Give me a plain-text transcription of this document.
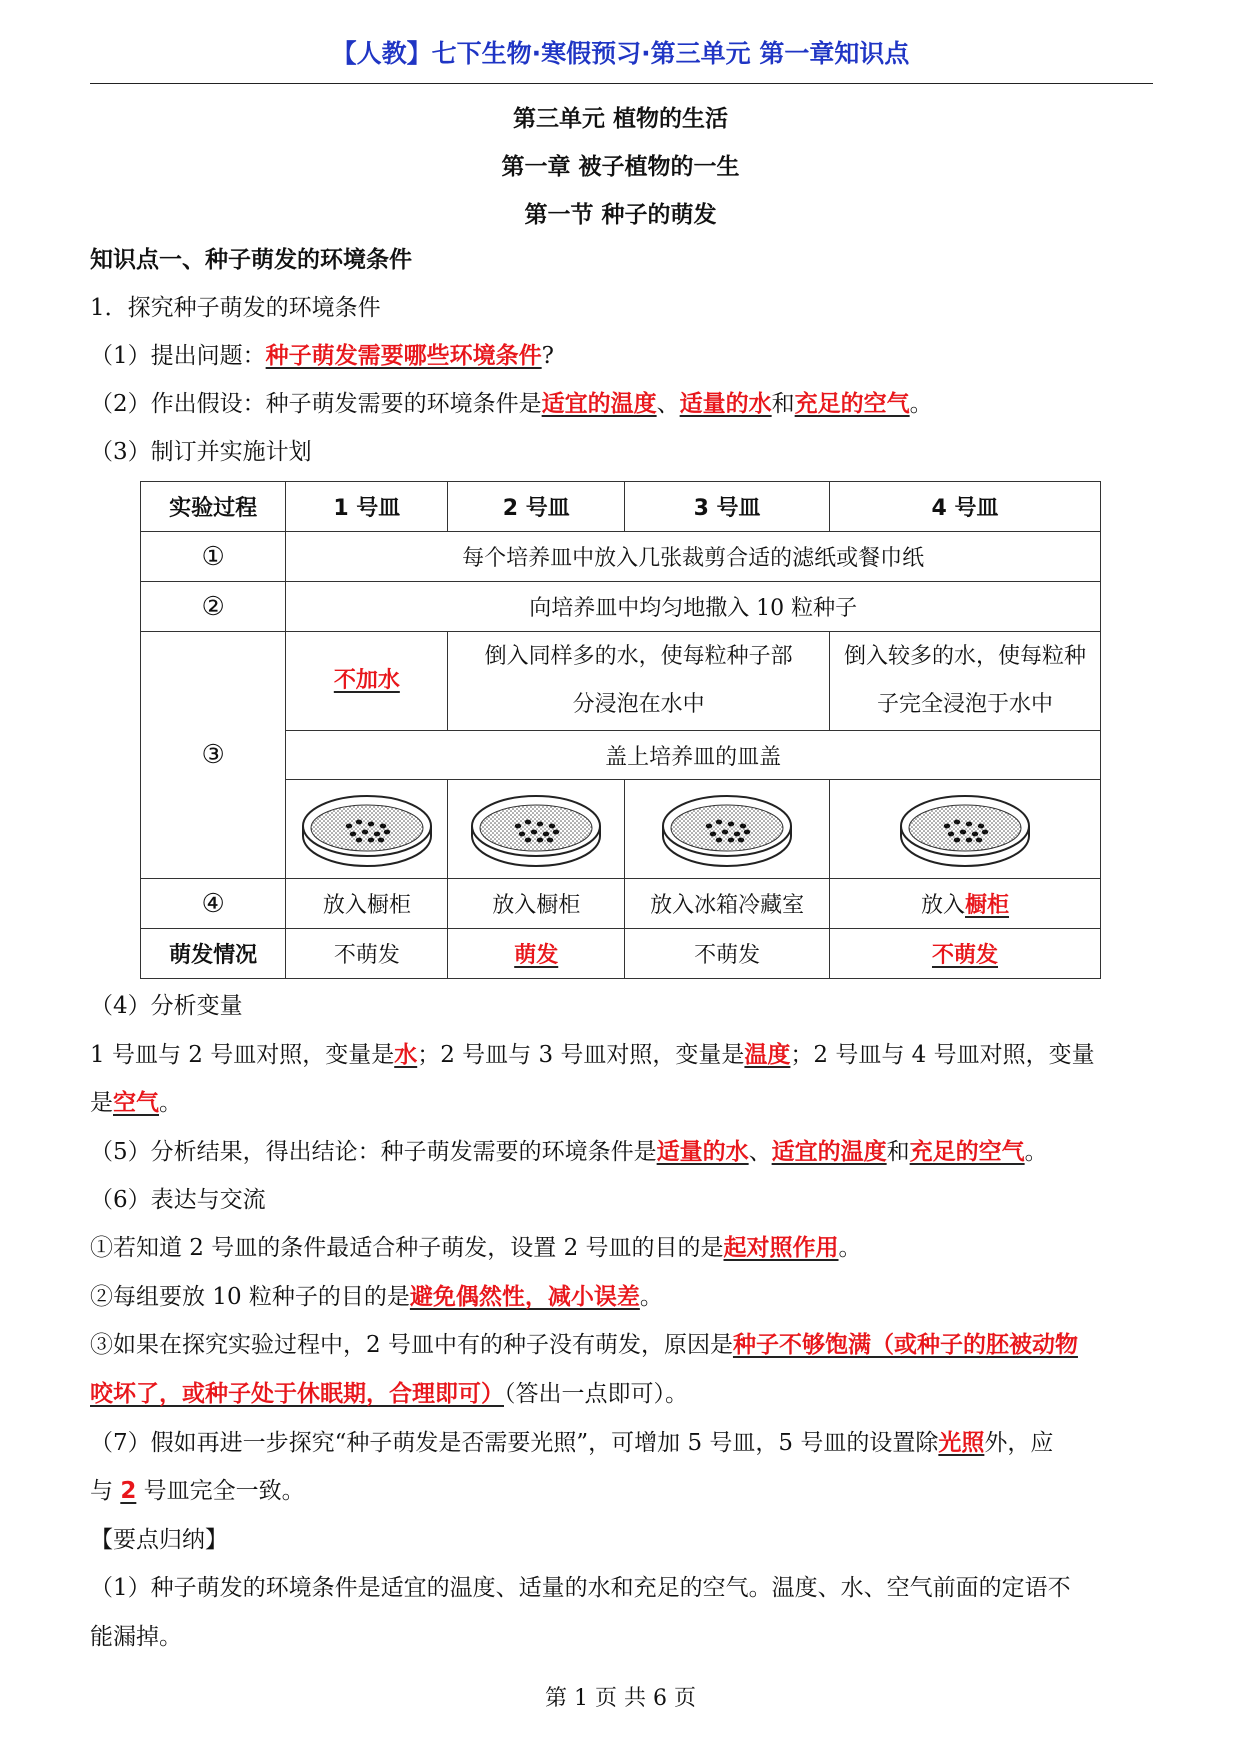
【人教】七下生物·寒假预习·第三单元 第一章知识点
第三单元 植物的生活
第一章 被子植物的一生
第一节 种子的萌发
知识点一、种子萌发的环境条件
1．探究种子萌发的环境条件
（1）提出问题：种子萌发需要哪些环境条件?
（2）作出假设：种子萌发需要的环境条件是适宜的温度、适量的水和充足的空气。
（3）制订并实施计划
实验过程	1 号皿	2 号皿	3 号皿	4 号皿
①	每个培养皿中放入几张裁剪合适的滤纸或餐巾纸			
②	向培养皿中均匀地撒入 10 粒种子			
③	不加水	倒入同样多的水，使每粒种子部分浸泡在水中		倒入较多的水，使每粒种子完全浸泡于水中

	盖上培养皿的皿盖			

④	放入橱柜	放入橱柜	放入冰箱冷藏室	放入橱柜
萌发情况	不萌发	萌发	不萌发	不萌发
（4）分析变量
1 号皿与 2 号皿对照，变量是水；2 号皿与 3 号皿对照，变量是温度；2 号皿与 4 号皿对照，变量
是空气。
（5）分析结果，得出结论：种子萌发需要的环境条件是适量的水、适宜的温度和充足的空气。
（6）表达与交流
①若知道 2 号皿的条件最适合种子萌发，设置 2 号皿的目的是起对照作用。
②每组要放 10 粒种子的目的是避免偶然性，减小误差。
③如果在探究实验过程中，2 号皿中有的种子没有萌发，原因是种子不够饱满（或种子的胚被动物
咬坏了，或种子处于休眠期，合理即可）（答出一点即可）。
（7）假如再进一步探究“种子萌发是否需要光照”，可增加 5 号皿，5 号皿的设置除光照外，应
与 2 号皿完全一致。
【要点归纳】
（1）种子萌发的环境条件是适宜的温度、适量的水和充足的空气。温度、水、空气前面的定语不
能漏掉。
第 1 页 共 6 页
